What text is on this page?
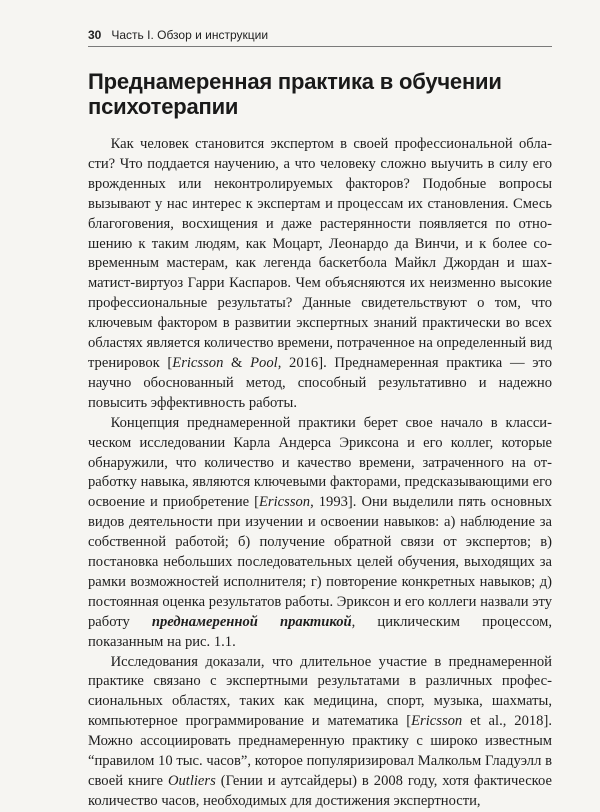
30 Часть I. Обзор и инструкции
Преднамеренная практика в обучении
психотерапии

Как человек становится экспертом в своей профессиональной области? Что поддается научению, а что человеку сложно выучить в силу его врожденных или неконтролируемых факторов? Подобные вопросы вызывают у нас интерес к экспертам и процессам их становления. Смесь благоговения, восхищения и даже растерянности появляется по отношению к таким людям, как Моцарт, Леонардо да Винчи, и к более современным мастерам, как легенда баскетбола Майкл Джордан и шахматист-виртуоз Гарри Каспаров. Чем объясняются их неизменно высокие профессиональные результаты? Данные свидетельствуют о том, что ключевым фактором в развитии экспертных знаний практически во всех областях является количество времени, потраченное на определенный вид тренировок [Ericsson & Pool, 2016]. Преднамеренная практика — это научно обоснованный метод, способный результативно и надежно повысить эффективность работы.

Концепция преднамеренной практики берет свое начало в классическом исследовании Карла Андерса Эриксона и его коллег, которые обнаружили, что количество и качество времени, затраченного на отработку навыка, являются ключевыми факторами, предсказывающими его освоение и приобретение [Ericsson, 1993]. Они выделили пять основных видов деятельности при изучении и освоении навыков: а) наблюдение за собственной работой; б) получение обратной связи от экспертов; в) постановка небольших последовательных целей обучения, выходящих за рамки возможностей исполнителя; г) повторение конкретных навыков; д) постоянная оценка результатов работы. Эриксон и его коллеги назвали эту работу преднамеренной практикой, циклическим процессом, показанным на рис. 1.1.

Исследования доказали, что длительное участие в преднамеренной практике связано с экспертными результатами в различных профессиональных областях, таких как медицина, спорт, музыка, шахматы, компьютерное программирование и математика [Ericsson et al., 2018]. Можно ассоциировать преднамеренную практику с широко известным “правилом 10 тыс. часов”, которое популяризировал Малкольм Гладуэлл в своей книге Outliers (Гении и аутсайдеры) в 2008 году, хотя фактическое количество часов, необходимых для достижения экспертности,
